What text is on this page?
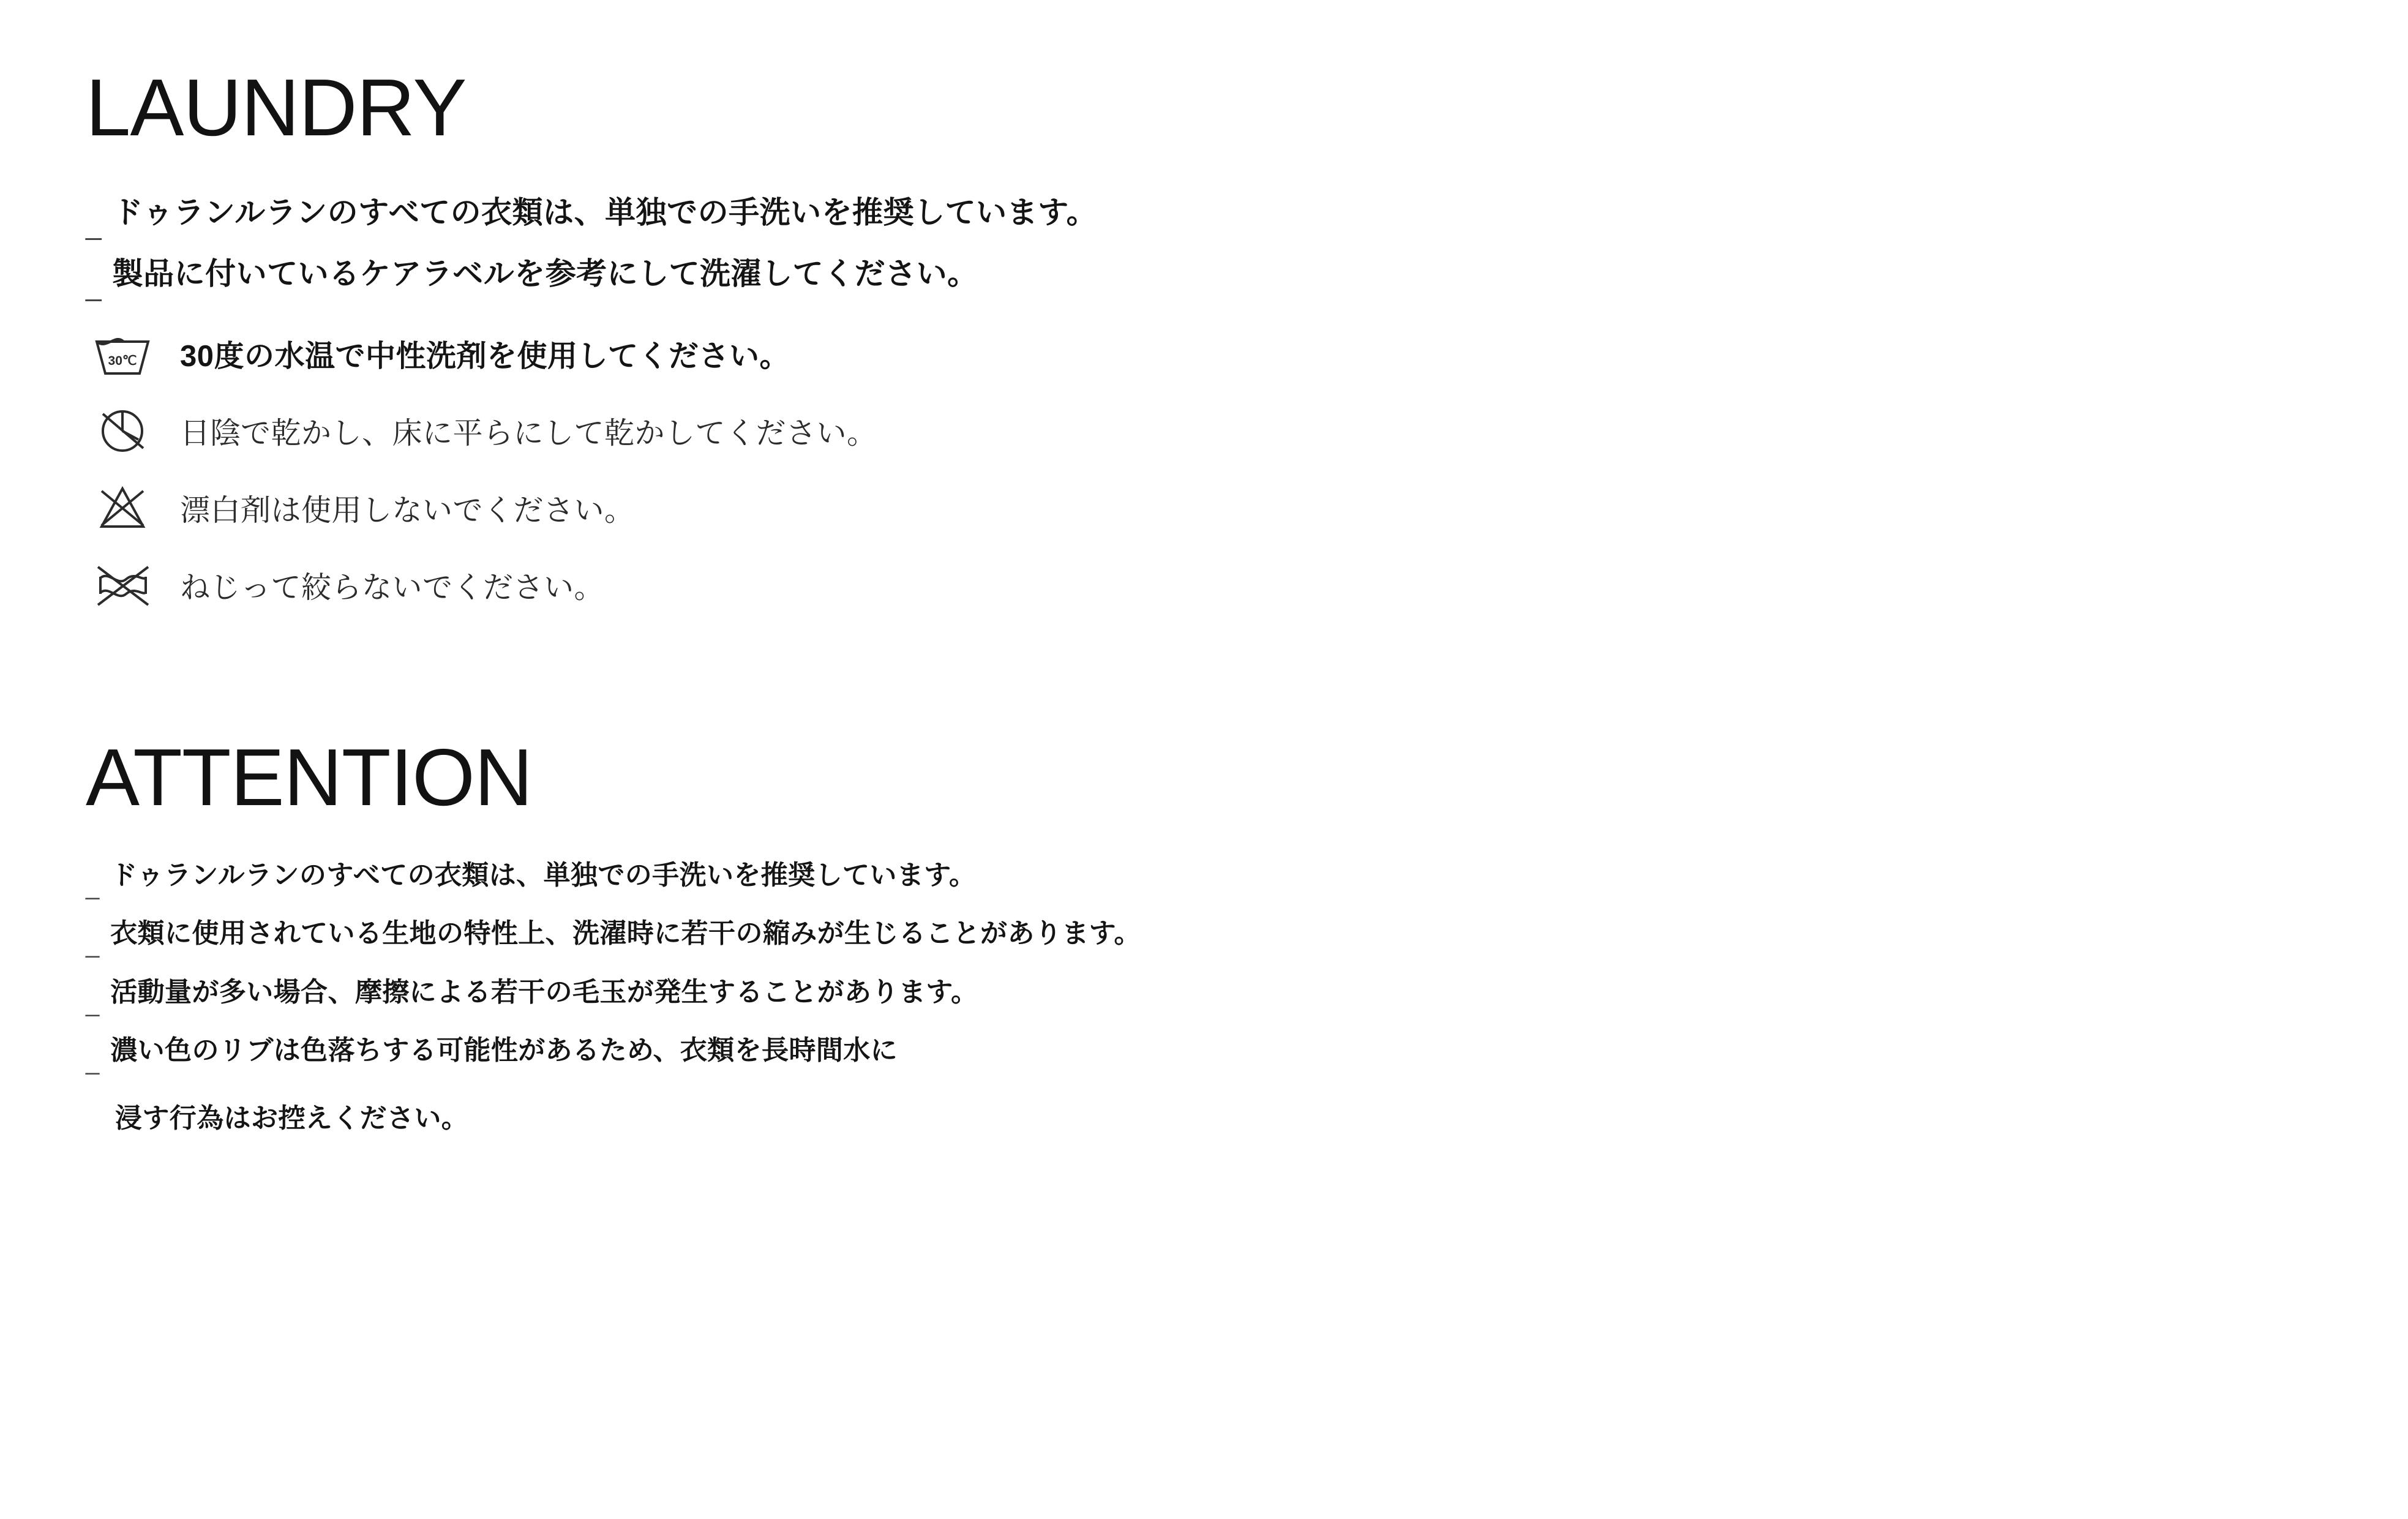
LAUNDRY
_ ドゥランルランのすべての衣類は、単独での手洗いを推奨しています。
_ 製品に付いているケアラベルを参考にして洗濯してください。
30℃ 30度の水温で中性洗剤を使用してください。
日陰で乾かし、床に平らにして乾かしてください。
漂白剤は使用しないでください。
ねじって絞らないでください。
ATTENTION
_ ドゥランルランのすべての衣類は、単独での手洗いを推奨しています。
_ 衣類に使用されている生地の特性上、洗濯時に若干の縮みが生じることがあります。
_ 活動量が多い場合、摩擦による若干の毛玉が発生することがあります。
_ 濃い色のリブは色落ちする可能性があるため、衣類を長時間水に
浸す行為はお控えください。
